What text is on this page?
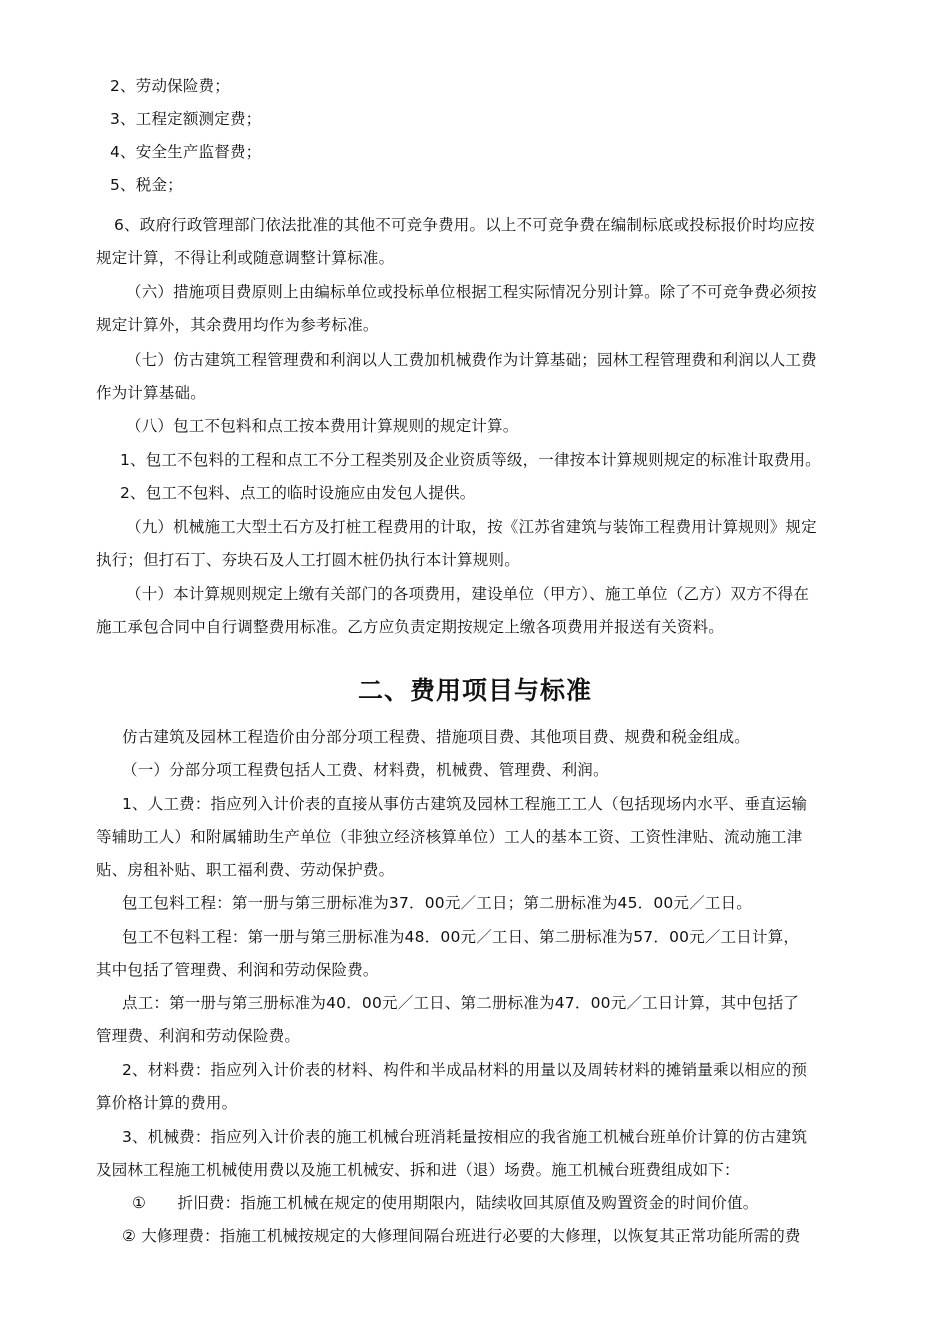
2、劳动保险费；
3、工程定额测定费；
4、安全生产监督费；
5、税金；
6、政府行政管理部门依法批准的其他不可竞争费用。以上不可竞争费在编制标底或投标报价时均应按
规定计算，不得让利或随意调整计算标准。
（六）措施项目费原则上由编标单位或投标单位根据工程实际情况分别计算。除了不可竞争费必须按
规定计算外，其余费用均作为参考标准。
（七）仿古建筑工程管理费和利润以人工费加机械费作为计算基础；园林工程管理费和利润以人工费
作为计算基础。
（八）包工不包料和点工按本费用计算规则的规定计算。
1、包工不包料的工程和点工不分工程类别及企业资质等级，一律按本计算规则规定的标准计取费用。
2、包工不包料、点工的临时设施应由发包人提供。
（九）机械施工大型土石方及打桩工程费用的计取，按《江苏省建筑与装饰工程费用计算规则》规定
执行；但打石丁、夯块石及人工打圆木桩仍执行本计算规则。
（十）本计算规则规定上缴有关部门的各项费用，建设单位（甲方）、施工单位（乙方）双方不得在
施工承包合同中自行调整费用标准。乙方应负责定期按规定上缴各项费用并报送有关资料。
二、费用项目与标准
仿古建筑及园林工程造价由分部分项工程费、措施项目费、其他项目费、规费和税金组成。
（一）分部分项工程费包括人工费、材料费，机械费、管理费、利润。
1、人工费：指应列入计价表的直接从事仿古建筑及园林工程施工工人（包括现场内水平、垂直运输
等辅助工人）和附属辅助生产单位（非独立经济核算单位）工人的基本工资、工资性津贴、流动施工津
贴、房租补贴、职工福利费、劳动保护费。
包工包料工程：第一册与第三册标准为37．00元／工日；第二册标准为45．00元／工日。
包工不包料工程：第一册与第三册标准为48．00元／工日、第二册标准为57．00元／工日计算，
其中包括了管理费、利润和劳动保险费。
点工：第一册与第三册标准为40．00元／工日、第二册标准为47．00元／工日计算，其中包括了
管理费、利润和劳动保险费。
2、材料费：指应列入计价表的材料、构件和半成品材料的用量以及周转材料的摊销量乘以相应的预
算价格计算的费用。
3、机械费：指应列入计价表的施工机械台班消耗量按相应的我省施工机械台班单价计算的仿古建筑
及园林工程施工机械使用费以及施工机械安、拆和进（退）场费。施工机械台班费组成如下：
①　　折旧费：指施工机械在规定的使用期限内，陆续收回其原值及购置资金的时间价值。
② 大修理费：指施工机械按规定的大修理间隔台班进行必要的大修理，以恢复其正常功能所需的费
